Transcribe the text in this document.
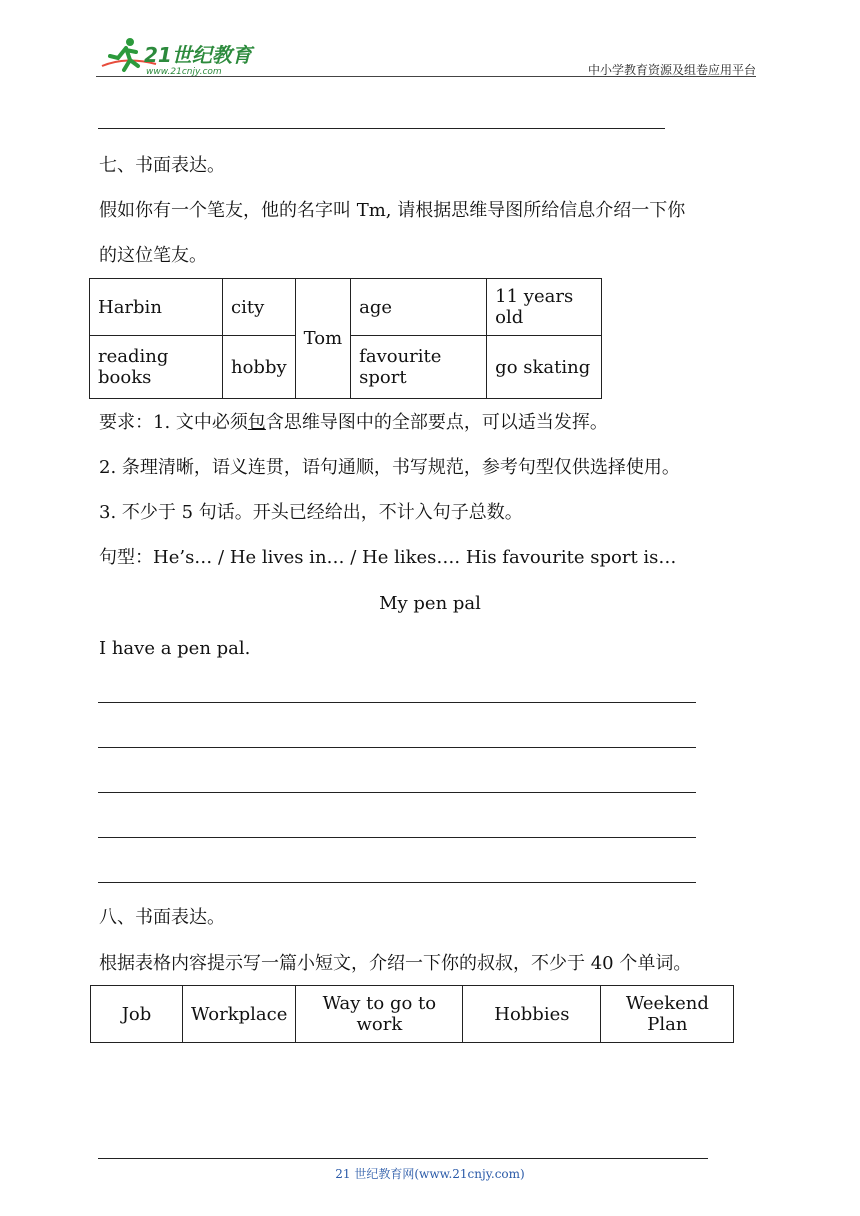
21世纪教育
www.21cnjy.com	中小学教育资源及组卷应用平台
七、书面表达。
假如你有一个笔友，他的名字叫 Tm, 请根据思维导图所给信息介绍一下你
的这位笔友。
Harbin	city	Tom	age	11 years old
reading books	hobby		favourite sport	go skating
要求：1. 文中必须包含思维导图中的全部要点，可以适当发挥。
2. 条理清晰，语义连贯，语句通顺，书写规范，参考句型仅供选择使用。
3. 不少于 5 句话。开头已经给出，不计入句子总数。
句型：He’s… / He lives in… / He likes…. His favourite sport is…
My pen pal
I have a pen pal.
八、书面表达。
根据表格内容提示写一篇小短文，介绍一下你的叔叔，不少于 40 个单词。
Job	Workplace	Way to go to work	Hobbies	Weekend Plan
21 世纪教育网(www.21cnjy.com)
